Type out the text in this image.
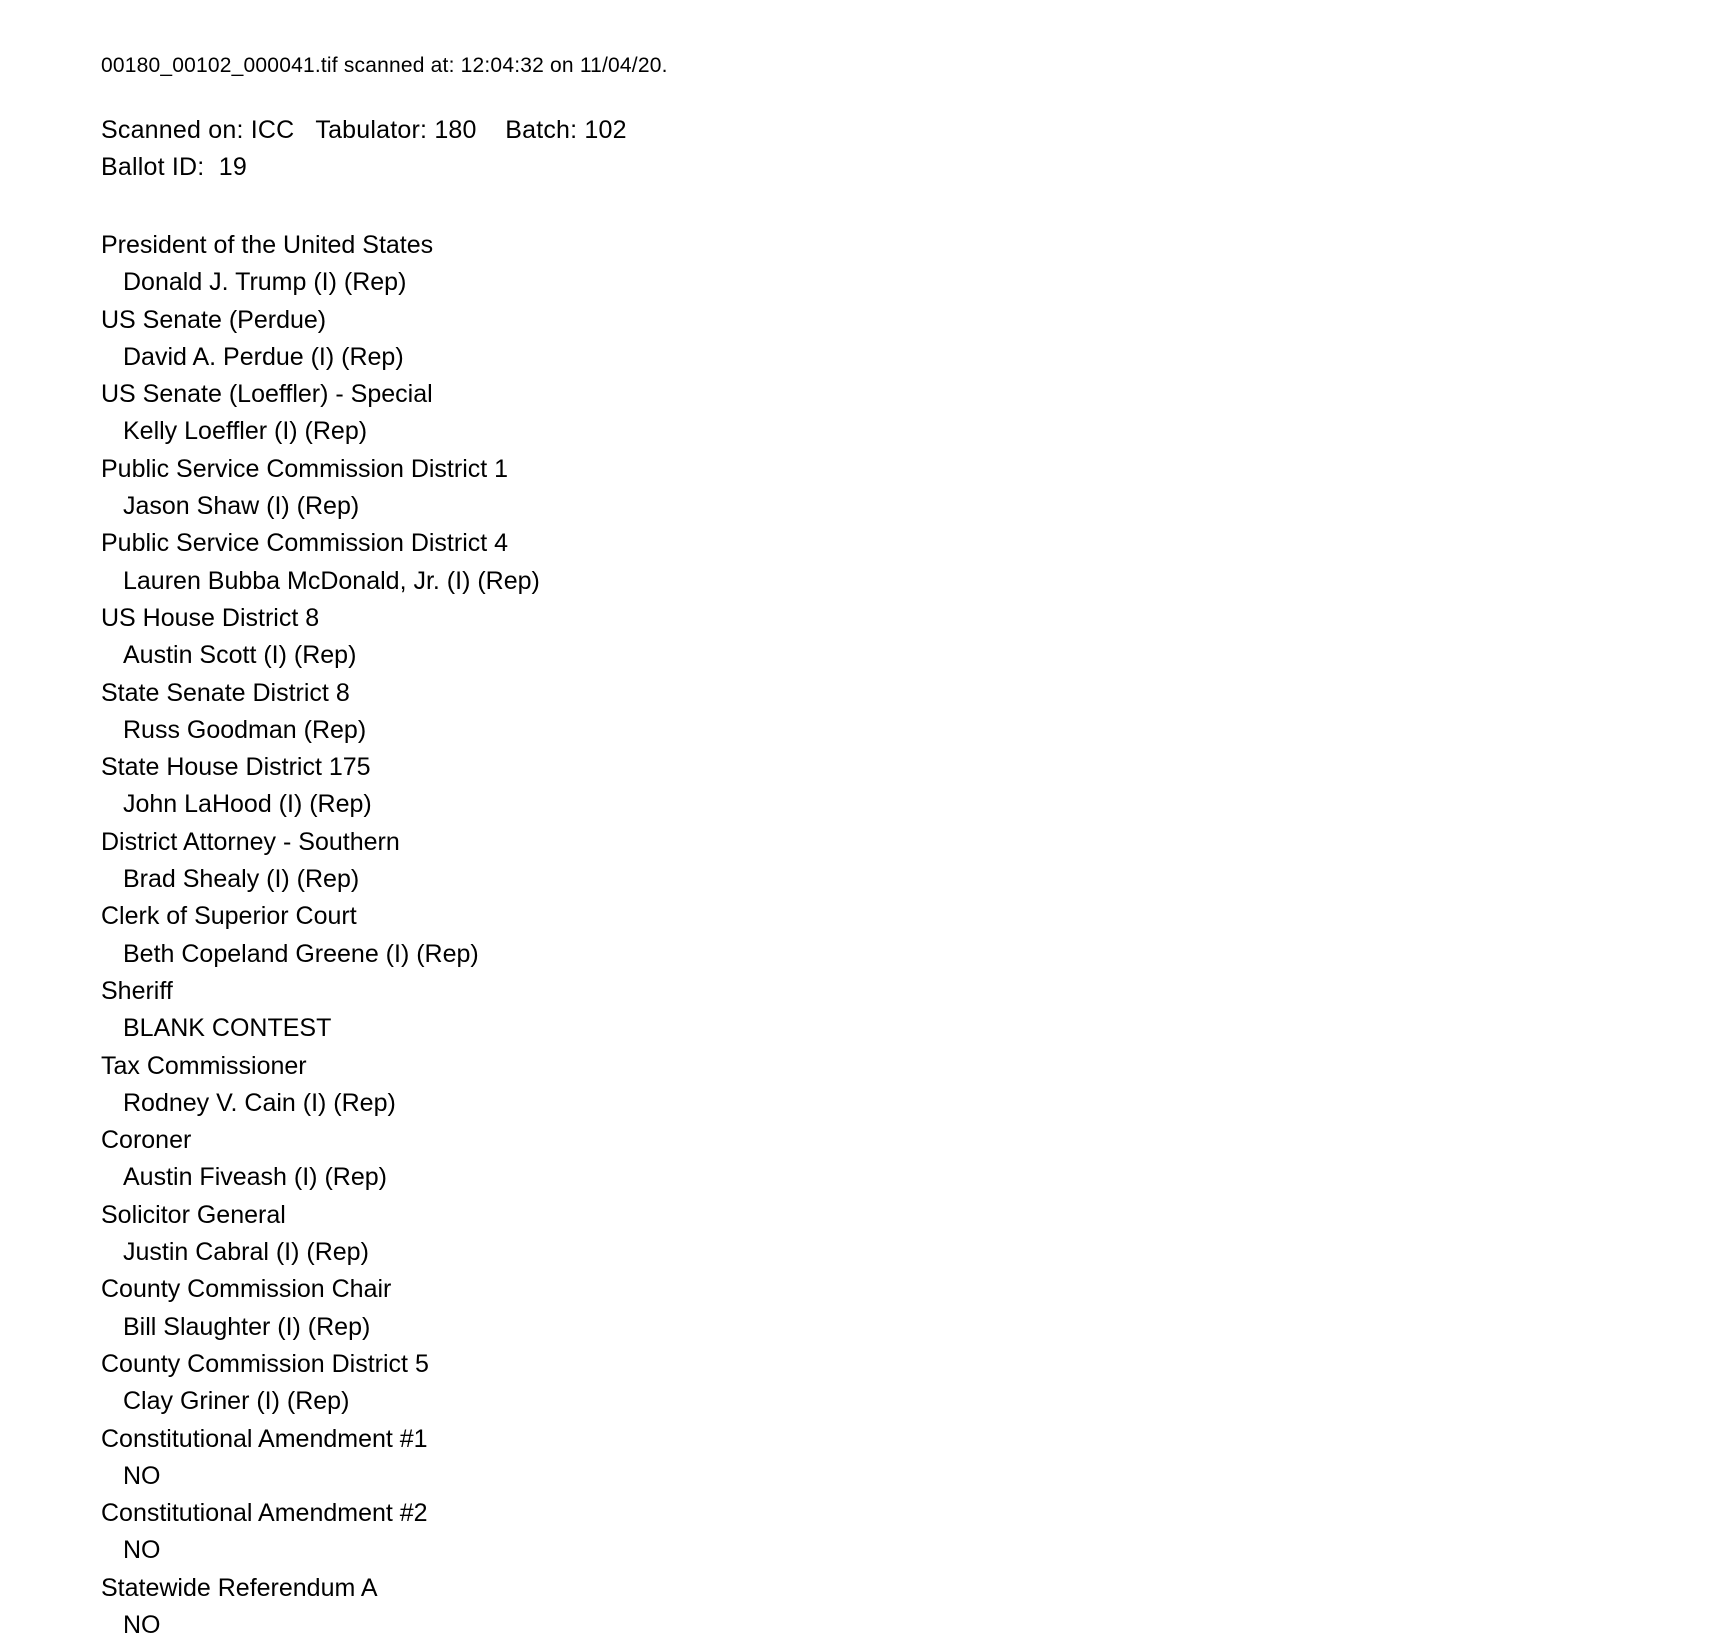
00180_00102_000041.tif scanned at: 12:04:32 on 11/04/20.
Scanned on: ICC   Tabulator: 180    Batch: 102
Ballot ID:  19
President of the United States
Donald J. Trump (I) (Rep)
US Senate (Perdue)
David A. Perdue (I) (Rep)
US Senate (Loeffler) - Special
Kelly Loeffler (I) (Rep)
Public Service Commission District 1
Jason Shaw (I) (Rep)
Public Service Commission District 4
Lauren Bubba McDonald, Jr. (I) (Rep)
US House District 8
Austin Scott (I) (Rep)
State Senate District 8
Russ Goodman (Rep)
State House District 175
John LaHood (I) (Rep)
District Attorney - Southern
Brad Shealy (I) (Rep)
Clerk of Superior Court
Beth Copeland Greene (I) (Rep)
Sheriff
BLANK CONTEST
Tax Commissioner
Rodney V. Cain (I) (Rep)
Coroner
Austin Fiveash (I) (Rep)
Solicitor General
Justin Cabral (I) (Rep)
County Commission Chair
Bill Slaughter (I) (Rep)
County Commission District 5
Clay Griner (I) (Rep)
Constitutional Amendment #1
NO
Constitutional Amendment #2
NO
Statewide Referendum A
NO
